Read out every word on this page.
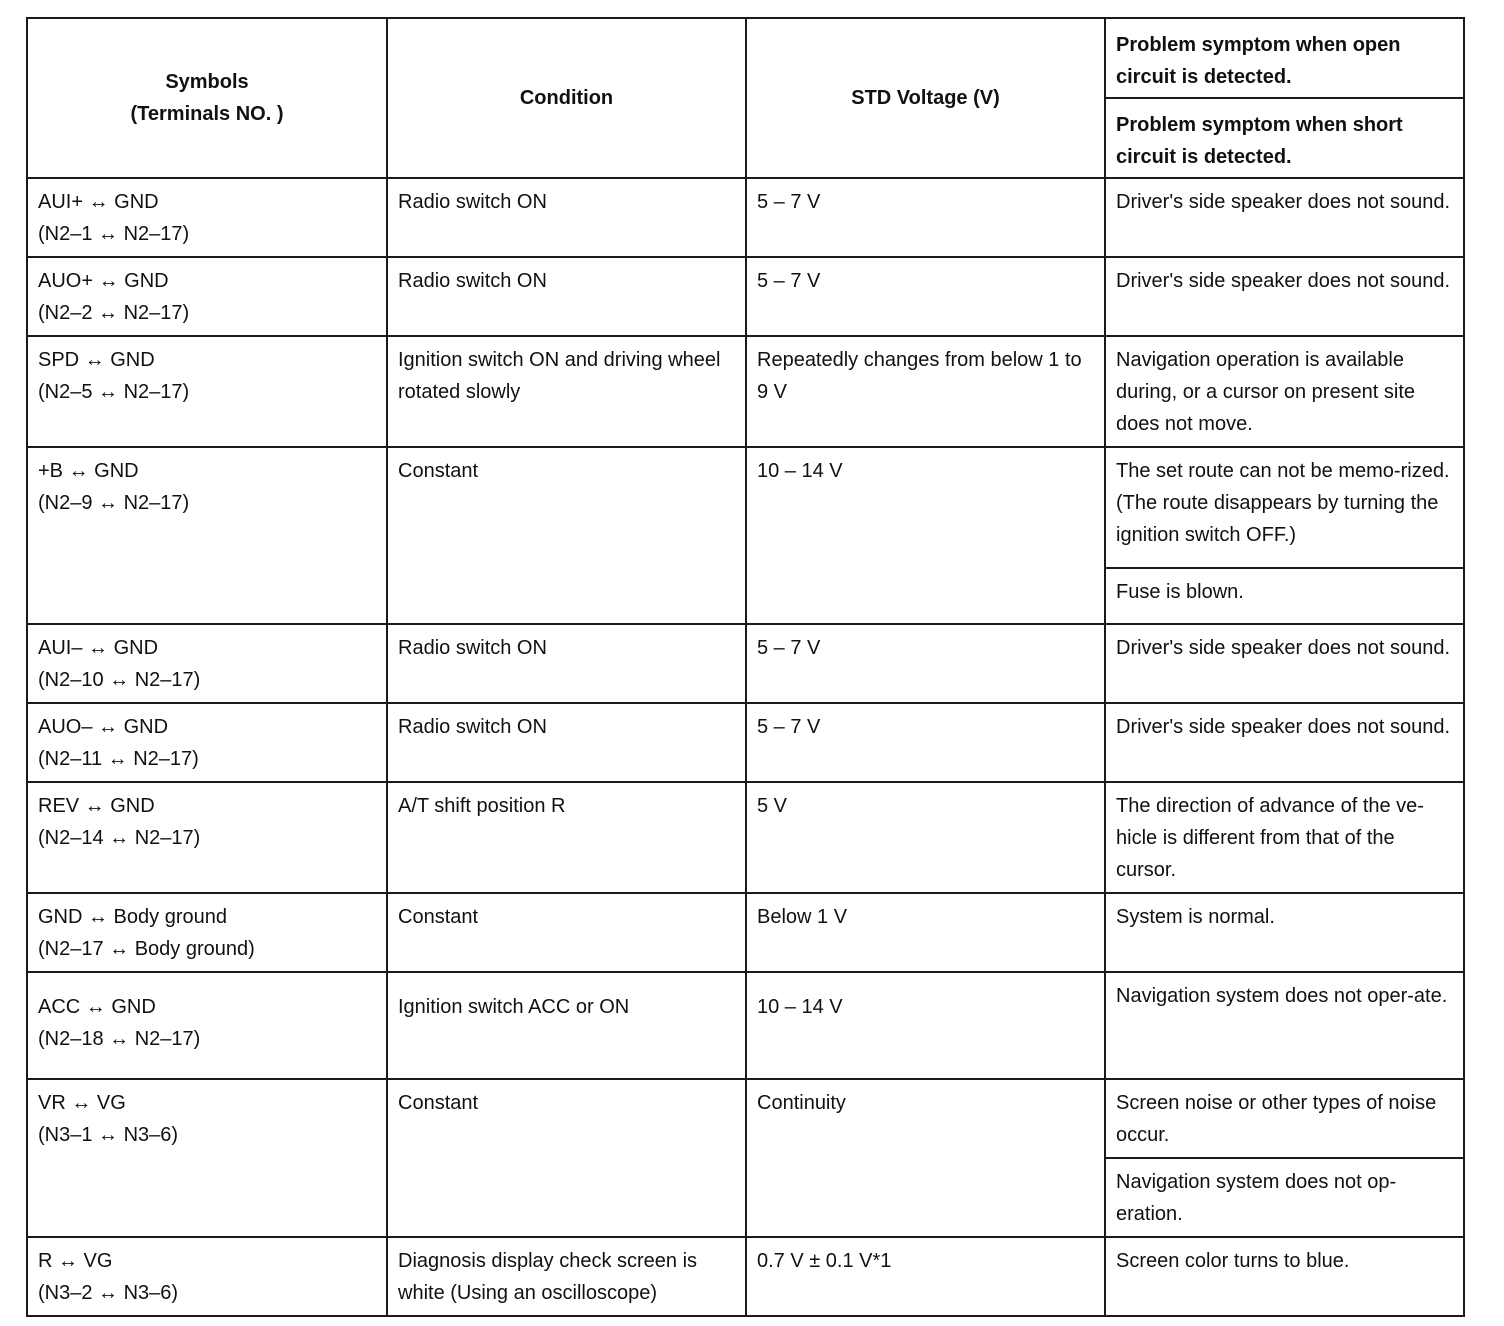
Symbols
(Terminals NO. )	Condition	STD Voltage (V)	Problem symptom when open circuit is detected.
			Problem symptom when short circuit is detected.

AUI+ ↔ GND
(N2–1 ↔ N2–17)	Radio switch ON	5 – 7 V	Driver's side speaker does not sound.

AUO+ ↔ GND
(N2–2 ↔ N2–17)	Radio switch ON	5 – 7 V	Driver's side speaker does not sound.

SPD ↔ GND
(N2–5 ↔ N2–17)	Ignition switch ON and driving wheel rotated slowly	Repeatedly changes from below 1 to 9 V	Navigation operation is available during, or a cursor on present site does not move.

+B ↔ GND
(N2–9 ↔ N2–17)	Constant	10 – 14 V	The set route can not be memo-rized. (The route disappears by turning the ignition switch OFF.)
			Fuse is blown.

AUI– ↔ GND
(N2–10 ↔ N2–17)	Radio switch ON	5 – 7 V	Driver's side speaker does not sound.

AUO– ↔ GND
(N2–11 ↔ N2–17)	Radio switch ON	5 – 7 V	Driver's side speaker does not sound.

REV ↔ GND
(N2–14 ↔ N2–17)	A/T shift position R	5 V	The direction of advance of the ve-hicle is different from that of the cursor.

GND ↔ Body ground
(N2–17 ↔ Body ground)	Constant	Below 1 V	System is normal.

ACC ↔ GND
(N2–18 ↔ N2–17)	Ignition switch ACC or ON	10 – 14 V	Navigation system does not oper-ate.

VR ↔ VG
(N3–1 ↔ N3–6)	Constant	Continuity	Screen noise or other types of noise occur.
			Navigation system does not op-eration.

R ↔ VG
(N3–2 ↔ N3–6)	Diagnosis display check screen is white (Using an oscilloscope)	0.7 V ± 0.1 V*1	Screen color turns to blue.
